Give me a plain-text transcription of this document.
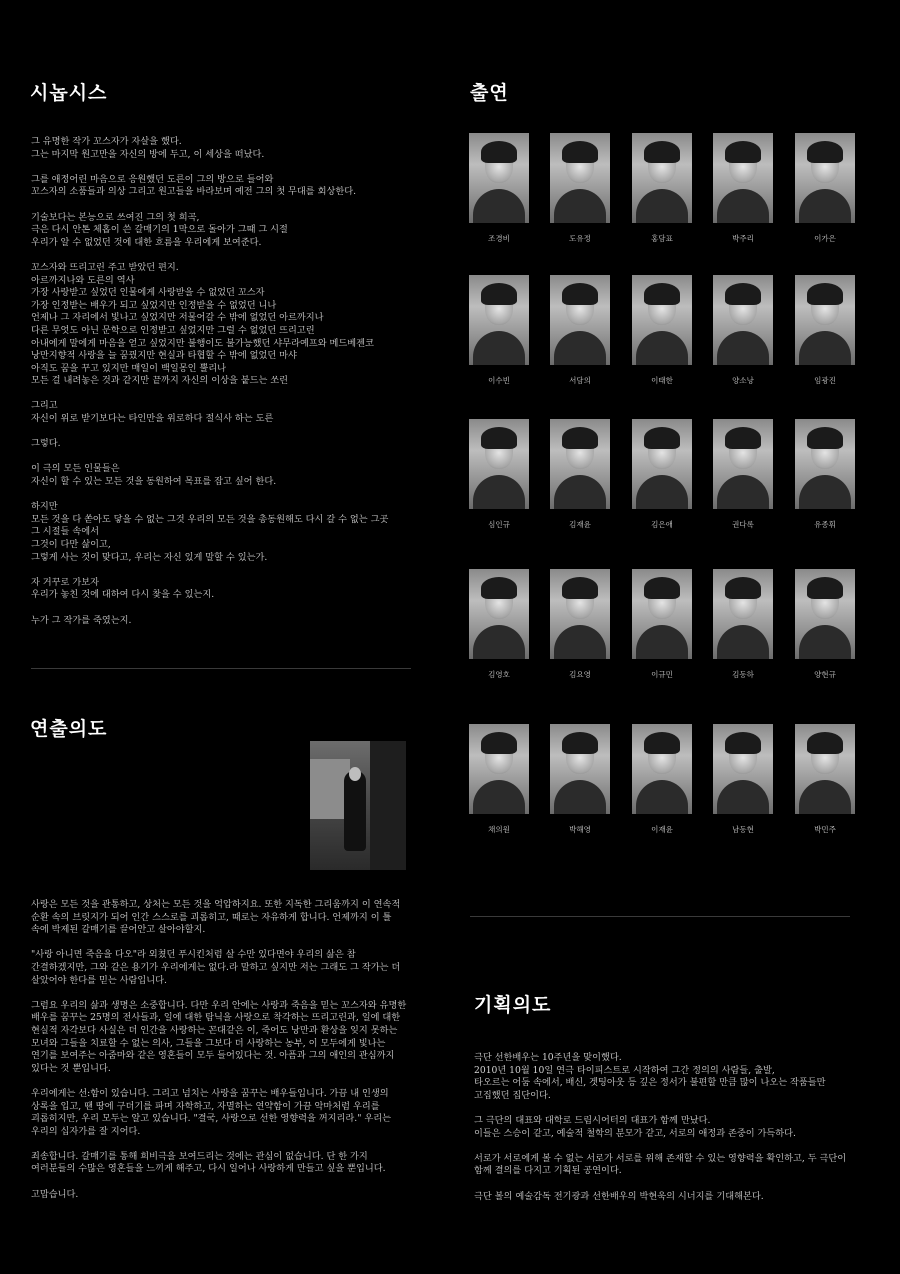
시놉시스

그 유명한 작가 꼬스자가 자살을 했다.
그는 마지막 원고만을 자신의 방에 두고, 이 세상을 떠났다.

그를 애정어린 마음으로 응원했던 도른이 그의 방으로 들어와
꼬스자의 소품들과 의상 그리고 원고들을 바라보며 예전 그의 첫 무대를 회상한다.

기술보다는 본능으로 쓰여진 그의 첫 희곡,
극은 다시 안톤 체홉이 쓴 갈매기의 1막으로 돌아가 그때 그 시절
우리가 알 수 없었던 것에 대한 흐름을 우리에게 보여준다.

꼬스자와 뜨리고린 주고 받았던 편지.
아르까지나와 도른의 역사
가장 사랑받고 싶었던 인물에게 사랑받을 수 없었던 꼬스자
가장 인정받는 배우가 되고 싶었지만 인정받을 수 없었던 니나
언제나 그 자리에서 빛나고 싶었지만 저물어갈 수 밖에 없었던 아르까지나
다른 무엇도 아닌 문학으로 인정받고 싶었지만 그럴 수 없었던 뜨리고린
아내에게 말에게 마음을 얻고 싶었지만 불행이도 불가능했던 샤무라예프와 메드베젠코
낭만지향적 사랑을 늘 꿈꿨지만 현실과 타협할 수 밖에 없었던 마샤
아직도 꿈을 꾸고 있지만 매일이 백일몽인 뿔리나
모든 걸 내려놓은 것과 같지만 끝까지 자신의 이상을 붙드는 쏘린

그리고
자신이 위로 받기보다는 타인만을 위로하다 절식사 하는 도른

그렇다.

이 극의 모든 인물들은
자신이 할 수 있는 모든 것을 동원하여 목표를 잡고 싶어 한다.

하지만
모든 것을 다 쏟아도 닿을 수 없는 그것 우리의 모든 것을 총동원해도 다시 갈 수 없는 그곳
그 시절들 속에서
그것이 다만 삶이고,
그렇게 사는 것이 맞다고, 우리는 자신 있게 말할 수 있는가.

자 거꾸로 가보자
우리가 놓친 것에 대하여 다시 찾을 수 있는지.

누가 그 작가를 죽였는지.

연출의도

사랑은 모든 것을 관통하고, 상처는 모든 것을 억압하지요. 또한 지독한 그리움까지 이 연속적
순환 속의 브릿지가 되어 인간 스스로를 괴롭히고, 때로는 자유하게 합니다. 언제까지 이 틀
속에 박제된 갈매기를 끌어안고 살아야할지.

"사랑 아니면 죽음을 다오"라 외쳤던 푸시킨처럼 살 수만 있다면야 우리의 삶은 참
간결하겠지만, 그와 같은 용기가 우리에게는 없다.라 말하고 싶지만 저는 그래도 그 작가는 더
살았어야 한다를 믿는 사람입니다.

그럼요 우리의 삶과 생명은 소중합니다. 다만 우리 안에는 사랑과 죽음을 믿는 꼬스자와 유명한
배우를 꿈꾸는 25명의 전사들과, 일에 대한 탐닉을 사랑으로 착각하는 뜨리고린과, 일에 대한
현실적 자각보다 사실은 더 인간을 사랑하는 꼰대같은 이, 죽어도 낭만과 환상을 잊지 못하는
모녀와 그들을 치료할 수 없는 의사, 그들을 그보다 더 사랑하는 농부, 이 모두에게 빛나는
연기를 보여주는 아줌마와 같은 영혼들이 모두 들어있다는 것. 아픔과 그의 애인의 관심까지
있다는 것 뿐입니다.

우리에게는 선:함이 있습니다. 그리고 넘치는 사랑을 꿈꾸는 배우들입니다. 가끔 내 인생의
상록을 입고, 땐 땅에 구더기를 파며 자학하고, 자멸하는 연약함이 가끔 악마처럼 우리를
괴롭히지만, 우리 모두는 알고 있습니다. "결국, 사랑으로 선한 영향력을 꺼지리라." 우리는
우리의 십자가를 잘 지어다.

죄송합니다. 갈매기를 통해 희비극을 보여드리는 것에는 관심이 없습니다. 단 한 가지
여러분들의 수많은 영혼들을 느끼게 해주고, 다시 일어나 사랑하게 만들고 싶을 뿐입니다.

고맙습니다.

출연
조경비	도유정	홍담표	박주리	이가은
이수빈	서담의	이태한	양소낭	임광진
심인규	김재윤	김은애	권다록	유종휘
김영호	김요영	이규민	김동하	양현규
채의원	박해영	이재윤	남동현	박민주
기획의도

극단 선한배우는 10주년을 맞이했다.
2010년 10월 10일 연극 타이피스트로 시작하여 그간 정의의 사람들, 출발,
타오르는 어둠 속에서, 배신, 겟팅아웃 등 깊은 정서가 불편할 만큼 많이 나오는 작품들만
고집했던 집단이다.

그 극단의 대표와 대학로 드림시어터의 대표가 함께 만났다.
이들은 스승이 같고, 예술적 철학의 분모가 같고, 서로의 애정과 존중이 가득하다.

서로가 서로에게 볼 수 없는 서로가 서로를 위해 존재할 수 있는 영향력을 확인하고, 두 극단이
함께 결의를 다지고 기획된 공연이다.

극단 볼의 예술감독 전기광과 선한배우의 박현욱의 시너지를 기대해본다.
